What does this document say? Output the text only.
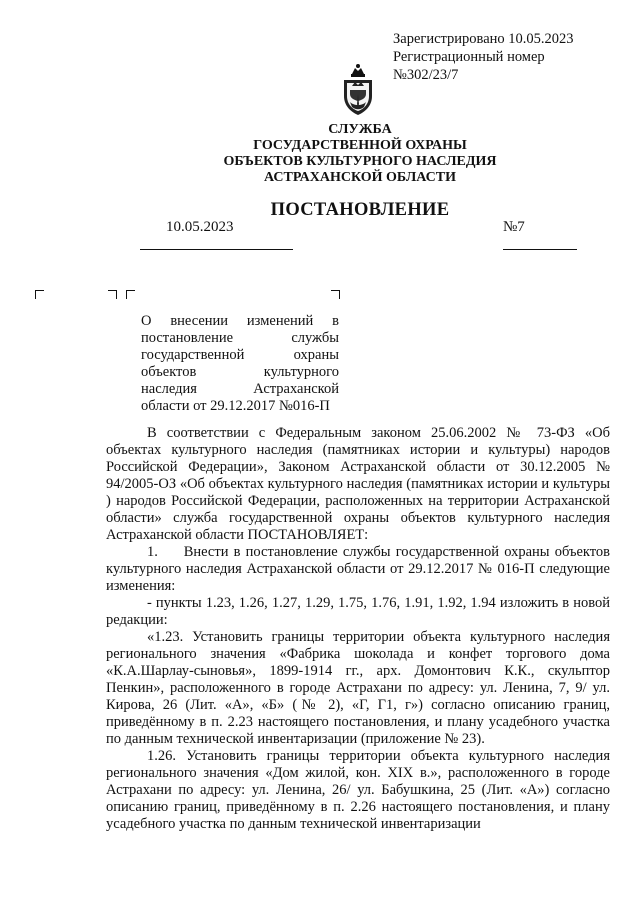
Зарегистрировано 10.05.2023
Регистрационный номер
№302/23/7
СЛУЖБА
ГОСУДАРСТВЕННОЙ ОХРАНЫ
ОБЪЕКТОВ КУЛЬТУРНОГО НАСЛЕДИЯ
АСТРАХАНСКОЙ ОБЛАСТИ
ПОСТАНОВЛЕНИЕ
10.05.2023	№7
О внесении изменений в
постановление службы
государственной охраны
объектов культурного
наследия Астраханской
области от 29.12.2017 №016-П

В соответствии с Федеральным законом 25.06.2002 № 73-ФЗ «Об объектах культурного наследия (памятниках истории и культуры) народов Российской Федерации», Законом Астраханской области от 30.12.2005 № 94/2005-ОЗ «Об объектах культурного наследия (памятниках истории и культуры ) народов Российской Федерации, расположенных на территории Астраханской области» служба государственной охраны объектов культурного наследия Астраханской области ПОСТАНОВЛЯЕТ:

1.     Внести в постановление службы государственной охраны объектов культурного наследия Астраханской области от 29.12.2017 № 016-П следующие изменения:

- пункты 1.23, 1.26, 1.27, 1.29, 1.75, 1.76, 1.91, 1.92, 1.94 изложить в новой редакции:

«1.23. Установить границы территории объекта культурного наследия регионального значения «Фабрика шоколада и конфет торгового дома «К.А.Шарлау-сыновья», 1899-1914 гг., арх. Домонтович К.К., скульптор Пенкин», расположенного в городе Астрахани по адресу: ул. Ленина, 7, 9/ ул. Кирова, 26 (Лит. «А», «Б» (№ 2), «Г, Г1, г») согласно описанию границ, приведённому в п. 2.23 настоящего постановления, и плану усадебного участка по данным технической инвентаризации (приложение № 23).

1.26. Установить границы территории объекта культурного наследия регионального значения «Дом жилой, кон. XIX в.», расположенного в городе Астрахани по адресу: ул. Ленина, 26/ ул. Бабушкина, 25 (Лит. «А») согласно описанию границ, приведённому в п. 2.26 настоящего постановления, и плану усадебного участка по данным технической инвентаризации
